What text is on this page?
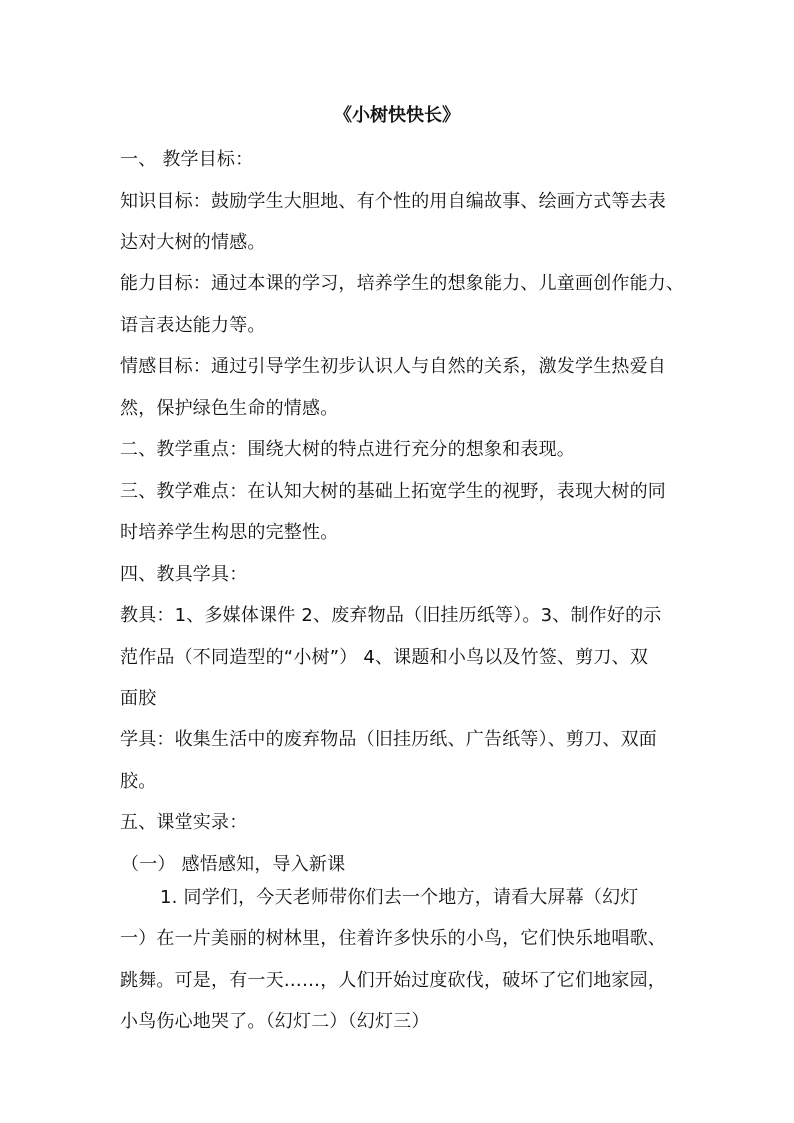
《小树快快长》
一、 教学目标：
知识目标：鼓励学生大胆地、有个性的用自编故事、绘画方式等去表
达对大树的情感。
能力目标：通过本课的学习，培养学生的想象能力、儿童画创作能力、
语言表达能力等。
情感目标：通过引导学生初步认识人与自然的关系，激发学生热爱自
然，保护绿色生命的情感。
二、教学重点：围绕大树的特点进行充分的想象和表现。
三、教学难点：在认知大树的基础上拓宽学生的视野，表现大树的同
时培养学生构思的完整性。
四、教具学具：
教具：1、多媒体课件 2、废弃物品（旧挂历纸等）。3、制作好的示
范作品（不同造型的“小树”） 4、课题和小鸟以及竹签、剪刀、双
面胶
学具：收集生活中的废弃物品（旧挂历纸、广告纸等）、剪刀、双面
胶。
五、课堂实录：
（一） 感悟感知，导入新课
1. 同学们，今天老师带你们去一个地方，请看大屏幕（幻灯
一）在一片美丽的树林里，住着许多快乐的小鸟，它们快乐地唱歌、
跳舞。可是，有一天……，人们开始过度砍伐，破坏了它们地家园，
小鸟伤心地哭了。（幻灯二）（幻灯三）
